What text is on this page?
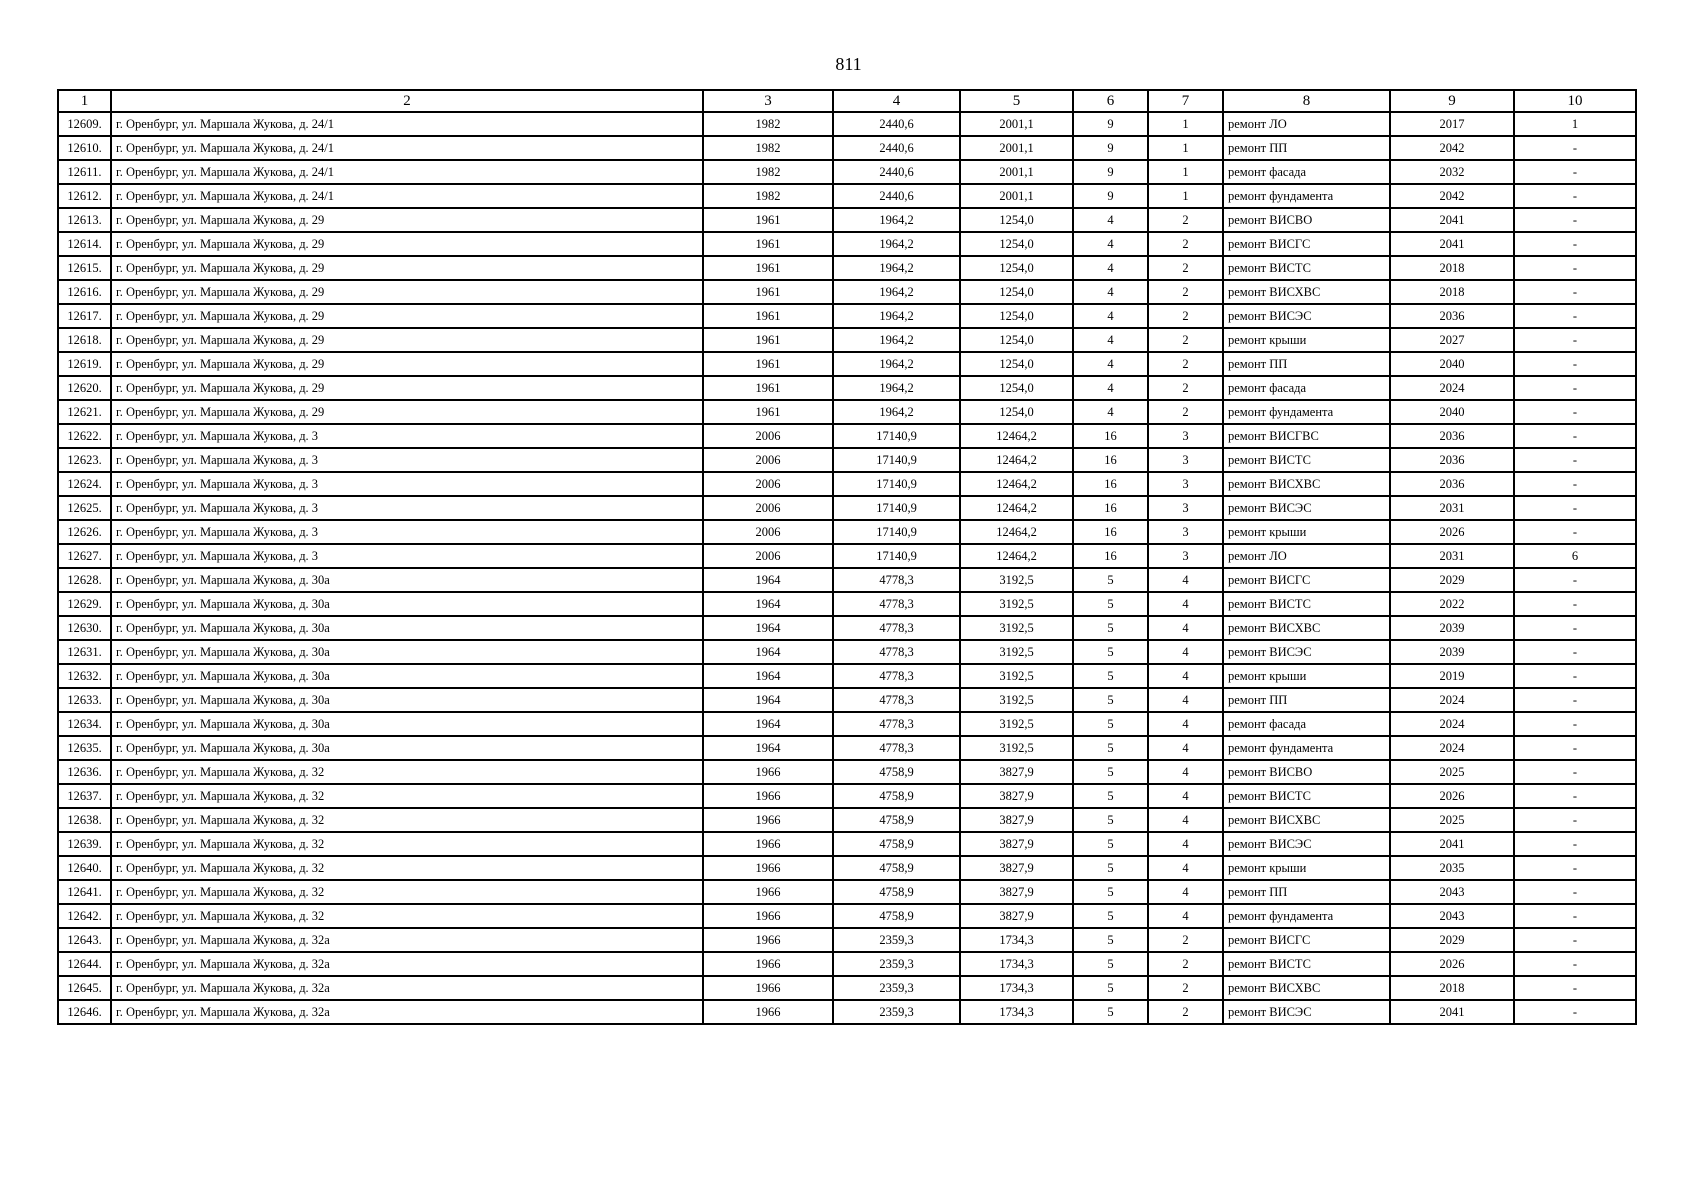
811
1	2	3	4	5	6	7	8	9	10
12609.	г. Оренбург, ул. Маршала Жукова, д. 24/1	1982	2440,6	2001,1	9	1	ремонт ЛО	2017	1
12610.	г. Оренбург, ул. Маршала Жукова, д. 24/1	1982	2440,6	2001,1	9	1	ремонт ПП	2042	-
12611.	г. Оренбург, ул. Маршала Жукова, д. 24/1	1982	2440,6	2001,1	9	1	ремонт фасада	2032	-
12612.	г. Оренбург, ул. Маршала Жукова, д. 24/1	1982	2440,6	2001,1	9	1	ремонт фундамента	2042	-
12613.	г. Оренбург, ул. Маршала Жукова, д. 29	1961	1964,2	1254,0	4	2	ремонт ВИСВО	2041	-
12614.	г. Оренбург, ул. Маршала Жукова, д. 29	1961	1964,2	1254,0	4	2	ремонт ВИСГС	2041	-
12615.	г. Оренбург, ул. Маршала Жукова, д. 29	1961	1964,2	1254,0	4	2	ремонт ВИСТС	2018	-
12616.	г. Оренбург, ул. Маршала Жукова, д. 29	1961	1964,2	1254,0	4	2	ремонт ВИСХВС	2018	-
12617.	г. Оренбург, ул. Маршала Жукова, д. 29	1961	1964,2	1254,0	4	2	ремонт ВИСЭС	2036	-
12618.	г. Оренбург, ул. Маршала Жукова, д. 29	1961	1964,2	1254,0	4	2	ремонт крыши	2027	-
12619.	г. Оренбург, ул. Маршала Жукова, д. 29	1961	1964,2	1254,0	4	2	ремонт ПП	2040	-
12620.	г. Оренбург, ул. Маршала Жукова, д. 29	1961	1964,2	1254,0	4	2	ремонт фасада	2024	-
12621.	г. Оренбург, ул. Маршала Жукова, д. 29	1961	1964,2	1254,0	4	2	ремонт фундамента	2040	-
12622.	г. Оренбург, ул. Маршала Жукова, д. 3	2006	17140,9	12464,2	16	3	ремонт ВИСГВС	2036	-
12623.	г. Оренбург, ул. Маршала Жукова, д. 3	2006	17140,9	12464,2	16	3	ремонт ВИСТС	2036	-
12624.	г. Оренбург, ул. Маршала Жукова, д. 3	2006	17140,9	12464,2	16	3	ремонт ВИСХВС	2036	-
12625.	г. Оренбург, ул. Маршала Жукова, д. 3	2006	17140,9	12464,2	16	3	ремонт ВИСЭС	2031	-
12626.	г. Оренбург, ул. Маршала Жукова, д. 3	2006	17140,9	12464,2	16	3	ремонт крыши	2026	-
12627.	г. Оренбург, ул. Маршала Жукова, д. 3	2006	17140,9	12464,2	16	3	ремонт ЛО	2031	6
12628.	г. Оренбург, ул. Маршала Жукова, д. 30а	1964	4778,3	3192,5	5	4	ремонт ВИСГС	2029	-
12629.	г. Оренбург, ул. Маршала Жукова, д. 30а	1964	4778,3	3192,5	5	4	ремонт ВИСТС	2022	-
12630.	г. Оренбург, ул. Маршала Жукова, д. 30а	1964	4778,3	3192,5	5	4	ремонт ВИСХВС	2039	-
12631.	г. Оренбург, ул. Маршала Жукова, д. 30а	1964	4778,3	3192,5	5	4	ремонт ВИСЭС	2039	-
12632.	г. Оренбург, ул. Маршала Жукова, д. 30а	1964	4778,3	3192,5	5	4	ремонт крыши	2019	-
12633.	г. Оренбург, ул. Маршала Жукова, д. 30а	1964	4778,3	3192,5	5	4	ремонт ПП	2024	-
12634.	г. Оренбург, ул. Маршала Жукова, д. 30а	1964	4778,3	3192,5	5	4	ремонт фасада	2024	-
12635.	г. Оренбург, ул. Маршала Жукова, д. 30а	1964	4778,3	3192,5	5	4	ремонт фундамента	2024	-
12636.	г. Оренбург, ул. Маршала Жукова, д. 32	1966	4758,9	3827,9	5	4	ремонт ВИСВО	2025	-
12637.	г. Оренбург, ул. Маршала Жукова, д. 32	1966	4758,9	3827,9	5	4	ремонт ВИСТС	2026	-
12638.	г. Оренбург, ул. Маршала Жукова, д. 32	1966	4758,9	3827,9	5	4	ремонт ВИСХВС	2025	-
12639.	г. Оренбург, ул. Маршала Жукова, д. 32	1966	4758,9	3827,9	5	4	ремонт ВИСЭС	2041	-
12640.	г. Оренбург, ул. Маршала Жукова, д. 32	1966	4758,9	3827,9	5	4	ремонт крыши	2035	-
12641.	г. Оренбург, ул. Маршала Жукова, д. 32	1966	4758,9	3827,9	5	4	ремонт ПП	2043	-
12642.	г. Оренбург, ул. Маршала Жукова, д. 32	1966	4758,9	3827,9	5	4	ремонт фундамента	2043	-
12643.	г. Оренбург, ул. Маршала Жукова, д. 32а	1966	2359,3	1734,3	5	2	ремонт ВИСГС	2029	-
12644.	г. Оренбург, ул. Маршала Жукова, д. 32а	1966	2359,3	1734,3	5	2	ремонт ВИСТС	2026	-
12645.	г. Оренбург, ул. Маршала Жукова, д. 32а	1966	2359,3	1734,3	5	2	ремонт ВИСХВС	2018	-
12646.	г. Оренбург, ул. Маршала Жукова, д. 32а	1966	2359,3	1734,3	5	2	ремонт ВИСЭС	2041	-
